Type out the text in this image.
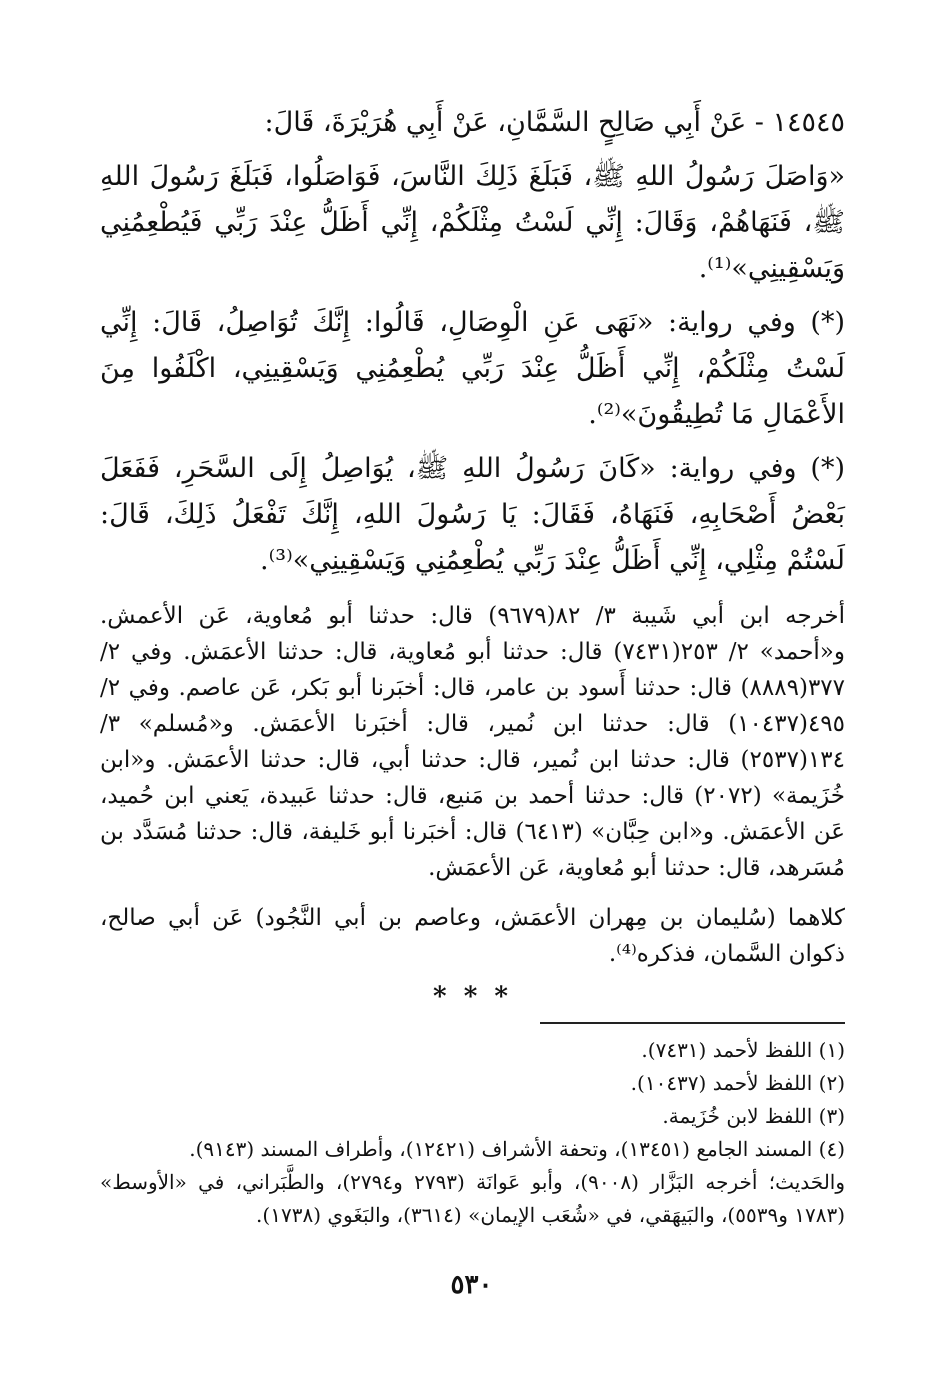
١٤٥٤٥ - عَنْ أَبِي صَالِحٍ السَّمَّانِ، عَنْ أَبِي هُرَيْرَةَ، قَالَ:

«وَاصَلَ رَسُولُ اللهِ ﷺ، فَبَلَغَ ذَلِكَ النَّاسَ، فَوَاصَلُوا، فَبَلَغَ رَسُولَ اللهِ ﷺ، فَنَهَاهُمْ، وَقَالَ: إِنِّي لَسْتُ مِثْلَكُمْ، إِنِّي أَظَلُّ عِنْدَ رَبِّي فَيُطْعِمُنِي وَيَسْقِينِي»⁽¹⁾.

(*) وفي رواية: «نَهَى عَنِ الْوِصَالِ، قَالُوا: إِنَّكَ تُوَاصِلُ، قَالَ: إِنِّي لَسْتُ مِثْلَكُمْ، إِنِّي أَظَلُّ عِنْدَ رَبِّي يُطْعِمُنِي وَيَسْقِينِي، اكْلَفُوا مِنَ الأَعْمَالِ مَا تُطِيقُونَ»⁽²⁾.

(*) وفي رواية: «كَانَ رَسُولُ اللهِ ﷺ، يُوَاصِلُ إِلَى السَّحَرِ، فَفَعَلَ بَعْضُ أَصْحَابِهِ، فَنَهَاهُ، فَقَالَ: يَا رَسُولَ اللهِ، إِنَّكَ تَفْعَلُ ذَلِكَ، قَالَ: لَسْتُمْ مِثْلِي، إِنِّي أَظَلُّ عِنْدَ رَبِّي يُطْعِمُنِي وَيَسْقِينِي»⁽³⁾.

أخرجه ابن أبي شَيبة ٣/ ٨٢(٩٦٧٩) قال: حدثنا أبو مُعاوية، عَن الأعمش. و«أحمد» ٢/ ٢٥٣(٧٤٣١) قال: حدثنا أبو مُعاوية، قال: حدثنا الأعمَش. وفي ٢/ ٣٧٧(٨٨٨٩) قال: حدثنا أَسود بن عامر، قال: أخبَرنا أبو بَكر، عَن عاصم. وفي ٢/ ٤٩٥(١٠٤٣٧) قال: حدثنا ابن نُمير، قال: أخبَرنا الأعمَش. و«مُسلم» ٣/ ١٣٤(٢٥٣٧) قال: حدثنا ابن نُمير، قال: حدثنا أبي، قال: حدثنا الأعمَش. و«ابن خُزَيمة» (٢٠٧٢) قال: حدثنا أحمد بن مَنيع، قال: حدثنا عَبيدة، يَعني ابن حُميد، عَن الأعمَش. و«ابن حِبَّان» (٦٤١٣) قال: أخبَرنا أبو خَليفة، قال: حدثنا مُسَدَّد بن مُسَرهد، قال: حدثنا أبو مُعاوية، عَن الأعمَش.

كلاهما (سُليمان بن مِهران الأعمَش، وعاصم بن أبي النَّجُود) عَن أبي صالح، ذكوان السَّمان، فذكره⁽⁴⁾.

* * *

(١) اللفظ لأحمد (٧٤٣١).

(٢) اللفظ لأحمد (١٠٤٣٧).

(٣) اللفظ لابن خُزَيمة.

(٤) المسند الجامع (١٣٤٥١)، وتحفة الأشراف (١٢٤٢١)، وأطراف المسند (٩١٤٣).

والحَديث؛ أخرجه البَزَّار (٩٠٠٨)، وأبو عَوانَة (٢٧٩٣ و٢٧٩٤)، والطَّبَراني، في «الأوسط» (١٧٨٣ و٥٥٣٩)، والبَيهَقي، في «شُعَب الإيمان» (٣٦١٤)، والبَغَوي (١٧٣٨).

٥٣٠
